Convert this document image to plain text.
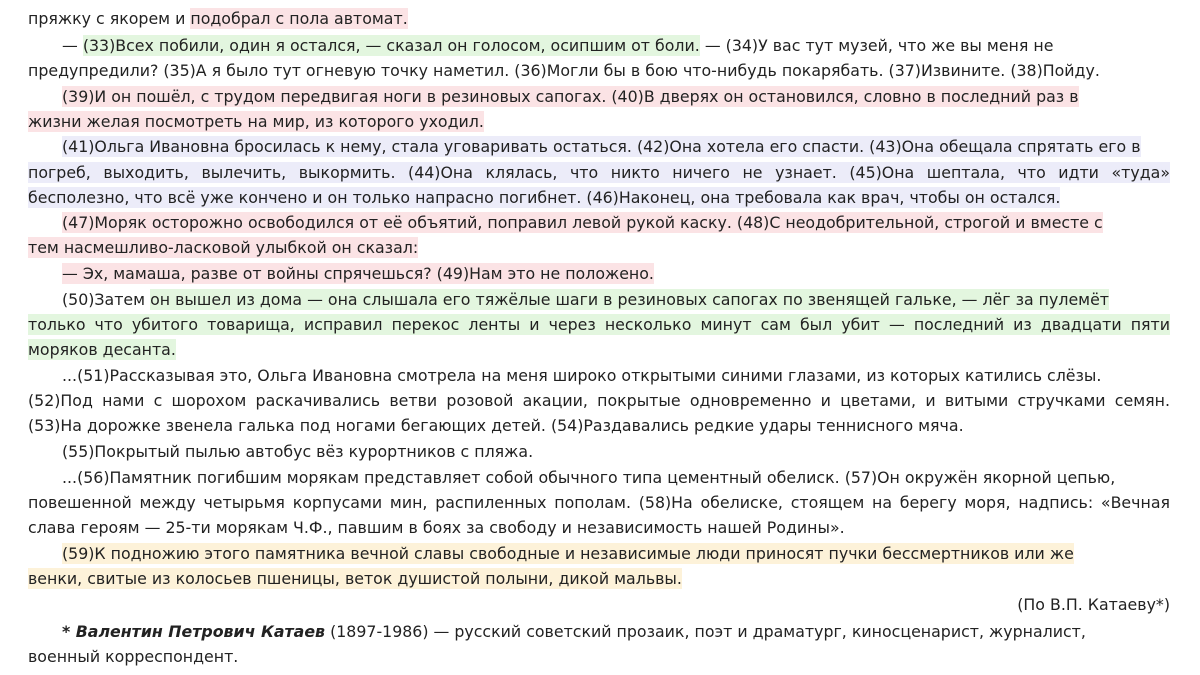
пряжку с якорем и подобрал с пола автомат.
— (33)Всех побили, один я остался, — сказал он голосом, осипшим от боли. — (34)У вас тут музей, что же вы меня не
предупредили? (35)А я было тут огневую точку наметил. (36)Могли бы в бою что-нибудь покарябать. (37)Извините. (38)Пойду.
(39)И он пошёл, с трудом передвигая ноги в резиновых сапогах. (40)В дверях он остановился, словно в последний раз в
жизни желая посмотреть на мир, из которого уходил.
(41)Ольга Ивановна бросилась к нему, стала уговаривать остаться. (42)Она хотела его спасти. (43)Она обещала спрятать его в
погреб, выходить, вылечить, выкормить. (44)Она клялась, что никто ничего не узнает. (45)Она шептала, что идти «туда»
бесполезно, что всё уже кончено и он только напрасно погибнет. (46)Наконец, она требовала как врач, чтобы он остался.
(47)Моряк осторожно освободился от её объятий, поправил левой рукой каску. (48)С неодобрительной, строгой и вместе с
тем насмешливо-ласковой улыбкой он сказал:
— Эх, мамаша, разве от войны спрячешься? (49)Нам это не положено.
(50)Затем он вышел из дома — она слышала его тяжёлые шаги в резиновых сапогах по звенящей гальке, — лёг за пулемёт
только что убитого товарища, исправил перекос ленты и через несколько минут сам был убит — последний из двадцати пяти
моряков десанта.
...(51)Рассказывая это, Ольга Ивановна смотрела на меня широко открытыми синими глазами, из которых катились слёзы.
(52)Под нами с шорохом раскачивались ветви розовой акации, покрытые одновременно и цветами, и витыми стручками семян.
(53)На дорожке звенела галька под ногами бегающих детей. (54)Раздавались редкие удары теннисного мяча.
(55)Покрытый пылью автобус вёз курортников с пляжа.
...(56)Памятник погибшим морякам представляет собой обычного типа цементный обелиск. (57)Он окружён якорной цепью,
повешенной между четырьмя корпусами мин, распиленных пополам. (58)На обелиске, стоящем на берегу моря, надпись: «Вечная
слава героям — 25-ти морякам Ч.Ф., павшим в боях за свободу и независимость нашей Родины».
(59)К подножию этого памятника вечной славы свободные и независимые люди приносят пучки бессмертников или же
венки, свитые из колосьев пшеницы, веток душистой полыни, дикой мальвы.
(По В.П. Катаеву*)
* Валентин Петрович Катаев (1897-1986) — русский советский прозаик, поэт и драматург, киносценарист, журналист,
военный корреспондент.
